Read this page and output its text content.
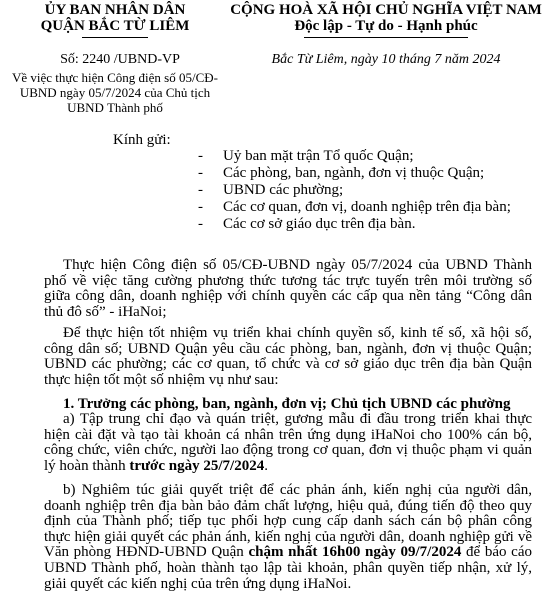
ỦY BAN NHÂN DÂN
QUẬN BẮC TỪ LIÊM
CỘNG HOÀ XÃ HỘI CHỦ NGHĨA VIỆT NAM
Độc lập - Tự do - Hạnh phúc
Số: 2240 /UBND-VP
Về việc thực hiện Công điện số 05/CĐ-UBND ngày 05/7/2024 của Chủ tịch UBND Thành phố
Bắc Từ Liêm, ngày 10 tháng 7 năm 2024
Kính gửi:
- Uỷ ban mặt trận Tổ quốc Quận;
- Các phòng, ban, ngành, đơn vị thuộc Quận;
- UBND các phường;
- Các cơ quan, đơn vị, doanh nghiệp trên địa bàn;
- Các cơ sở giáo dục trên địa bàn.

Thực hiện Công điện số 05/CĐ-UBND ngày 05/7/2024 của UBND Thành phố về việc tăng cường phương thức tương tác trực tuyến trên môi trường số giữa công dân, doanh nghiệp với chính quyền các cấp qua nền tảng “Công dân thủ đô số” - iHaNoi;

Để thực hiện tốt nhiệm vụ triển khai chính quyền số, kinh tế số, xã hội số, công dân số; UBND Quận yêu cầu các phòng, ban, ngành, đơn vị thuộc Quận; UBND các phường; các cơ quan, tổ chức và cơ sở giáo dục trên địa bàn Quận thực hiện tốt một số nhiệm vụ như sau:

1. Trưởng các phòng, ban, ngành, đơn vị; Chủ tịch UBND các phường

a) Tập trung chỉ đạo và quán triệt, gương mẫu đi đầu trong triển khai thực hiện cài đặt và tạo tài khoản cá nhân trên ứng dụng iHaNoi cho 100% cán bộ, công chức, viên chức, người lao động trong cơ quan, đơn vị thuộc phạm vi quản lý hoàn thành trước ngày 25/7/2024.

b) Nghiêm túc giải quyết triệt để các phản ánh, kiến nghị của người dân, doanh nghiệp trên địa bàn bảo đảm chất lượng, hiệu quả, đúng tiến độ theo quy định của Thành phố; tiếp tục phối hợp cung cấp danh sách cán bộ phân công thực hiện giải quyết các phản ánh, kiến nghị của người dân, doanh nghiệp gửi về Văn phòng HĐND-UBND Quận chậm nhất 16h00 ngày 09/7/2024 để báo cáo UBND Thành phố, hoàn thành tạo lập tài khoản, phân quyền tiếp nhận, xử lý, giải quyết các kiến nghị của trên ứng dụng iHaNoi.
